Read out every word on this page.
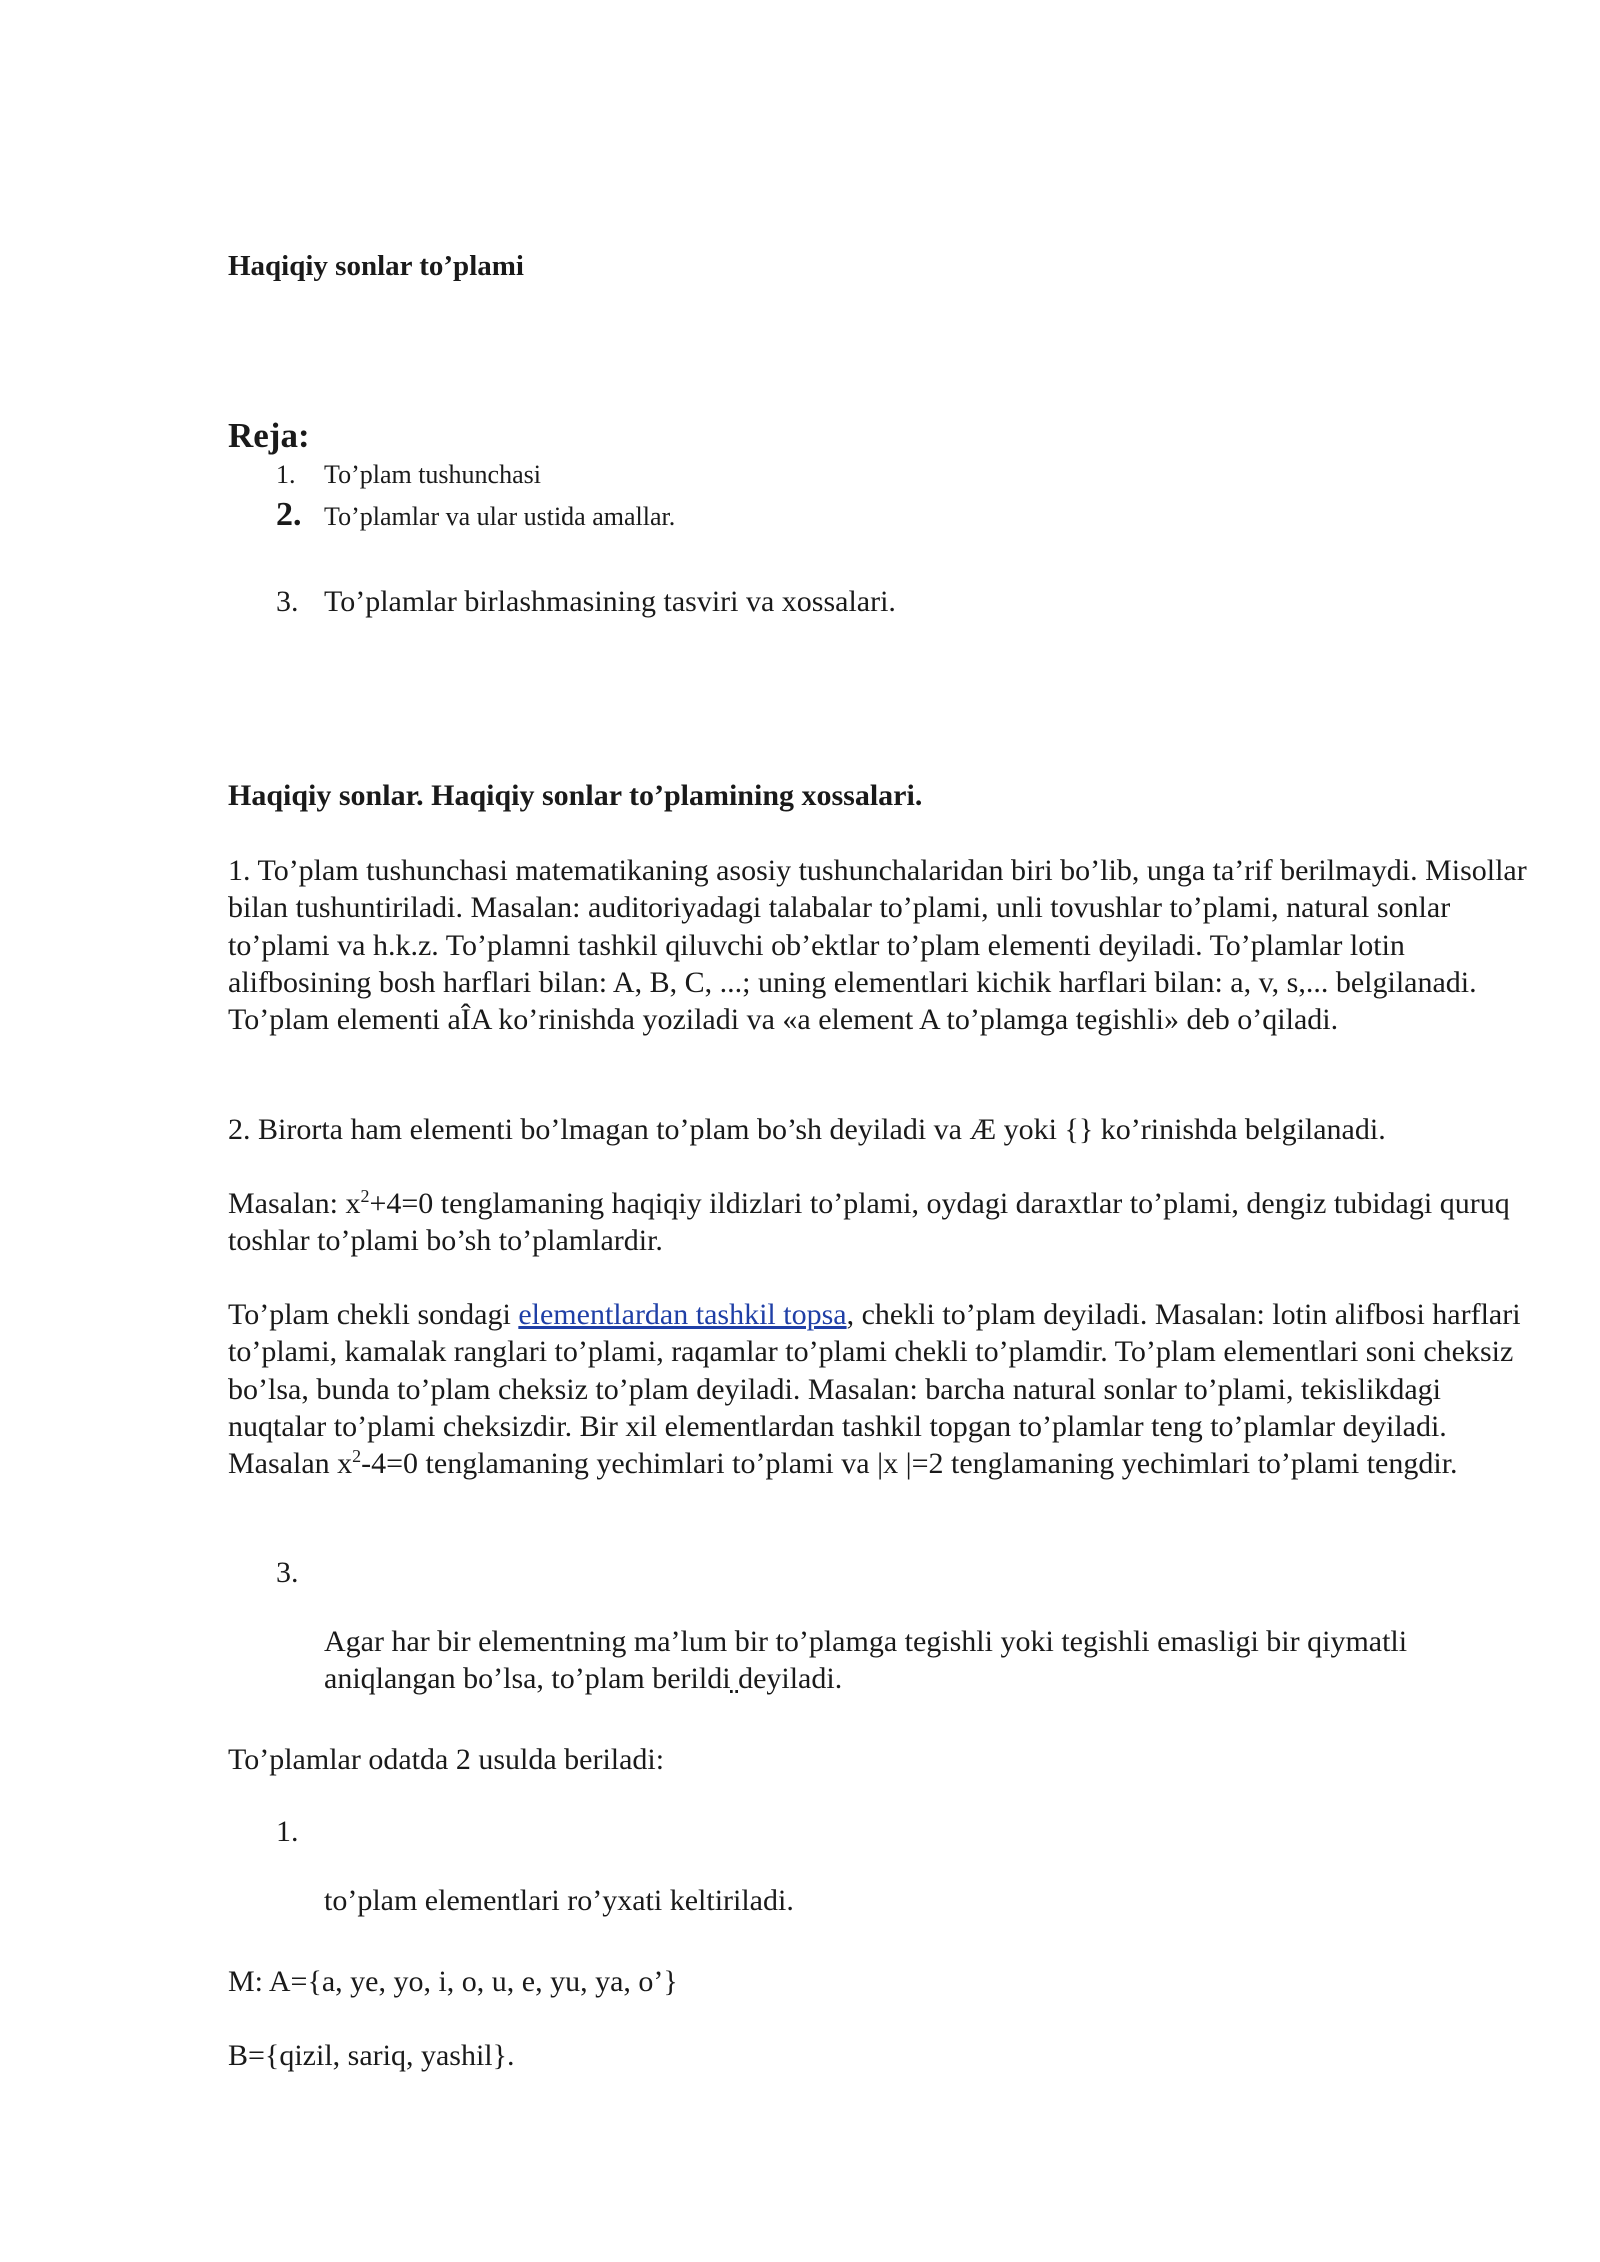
Haqiqiy sonlar to’plami

Reja:

1. To’plam tushunchasi
2. To’plamlar va ular ustida amallar.
3. To’plamlar birlashmasining tasviri va xossalari.

Haqiqiy sonlar. Haqiqiy sonlar to’plamining xossalari.

1. To’plam tushunchasi matematikaning asosiy tushunchalaridan biri bo’lib, unga ta’rif berilmaydi. Misollar bilan tushuntiriladi. Masalan: auditoriyadagi talabalar to’plami, unli tovushlar to’plami, natural sonlar to’plami va h.k.z. To’plamni tashkil qiluvchi ob’ektlar to’plam elementi deyiladi. To’plamlar lotin alifbosining bosh harflari bilan: A, B, C, ...; uning elementlari kichik harflari bilan: a, v, s,... belgilanadi. To’plam elementi aÎA ko’rinishda yoziladi va «a element A to’plamga tegishli» deb o’qiladi.

2. Birorta ham elementi bo’lmagan to’plam bo’sh deyiladi va Æ yoki {} ko’rinishda belgilanadi.

Masalan: $x^2+4=0$ tenglamaning haqiqiy ildizlari to’plami, oydagi daraxtlar to’plami, dengiz tubidagi quruq toshlar to’plami bo’sh to’plamlardir.

To’plam chekli sondagi elementlardan tashkil topsa, chekli to’plam deyiladi. Masalan: lotin alifbosi harflari to’plami, kamalak ranglari to’plami, raqamlar to’plami chekli to’plamdir. To’plam elementlari soni cheksiz bo’lsa, bunda to’plam cheksiz to’plam deyiladi. Masalan: barcha natural sonlar to’plami, tekislikdagi nuqtalar to’plami cheksizdir. Bir xil elementlardan tashkil topgan to’plamlar teng to’plamlar deyiladi. Masalan $x^2-4=0$ tenglamaning yechimlari to’plami va |x |=2 tenglamaning yechimlari to’plami tengdir.

3.

Agar har bir elementning ma’lum bir to’plamga tegishli yoki tegishli emasligi bir qiymatli aniqlangan bo’lsa, to’plam berildi deyiladi.

To’plamlar odatda 2 usulda beriladi:

1.

to’plam elementlari ro’yxati keltiriladi.

M: A={a, ye, yo, i, o, u, e, yu, ya, o’}

B={qizil, sariq, yashil}.
